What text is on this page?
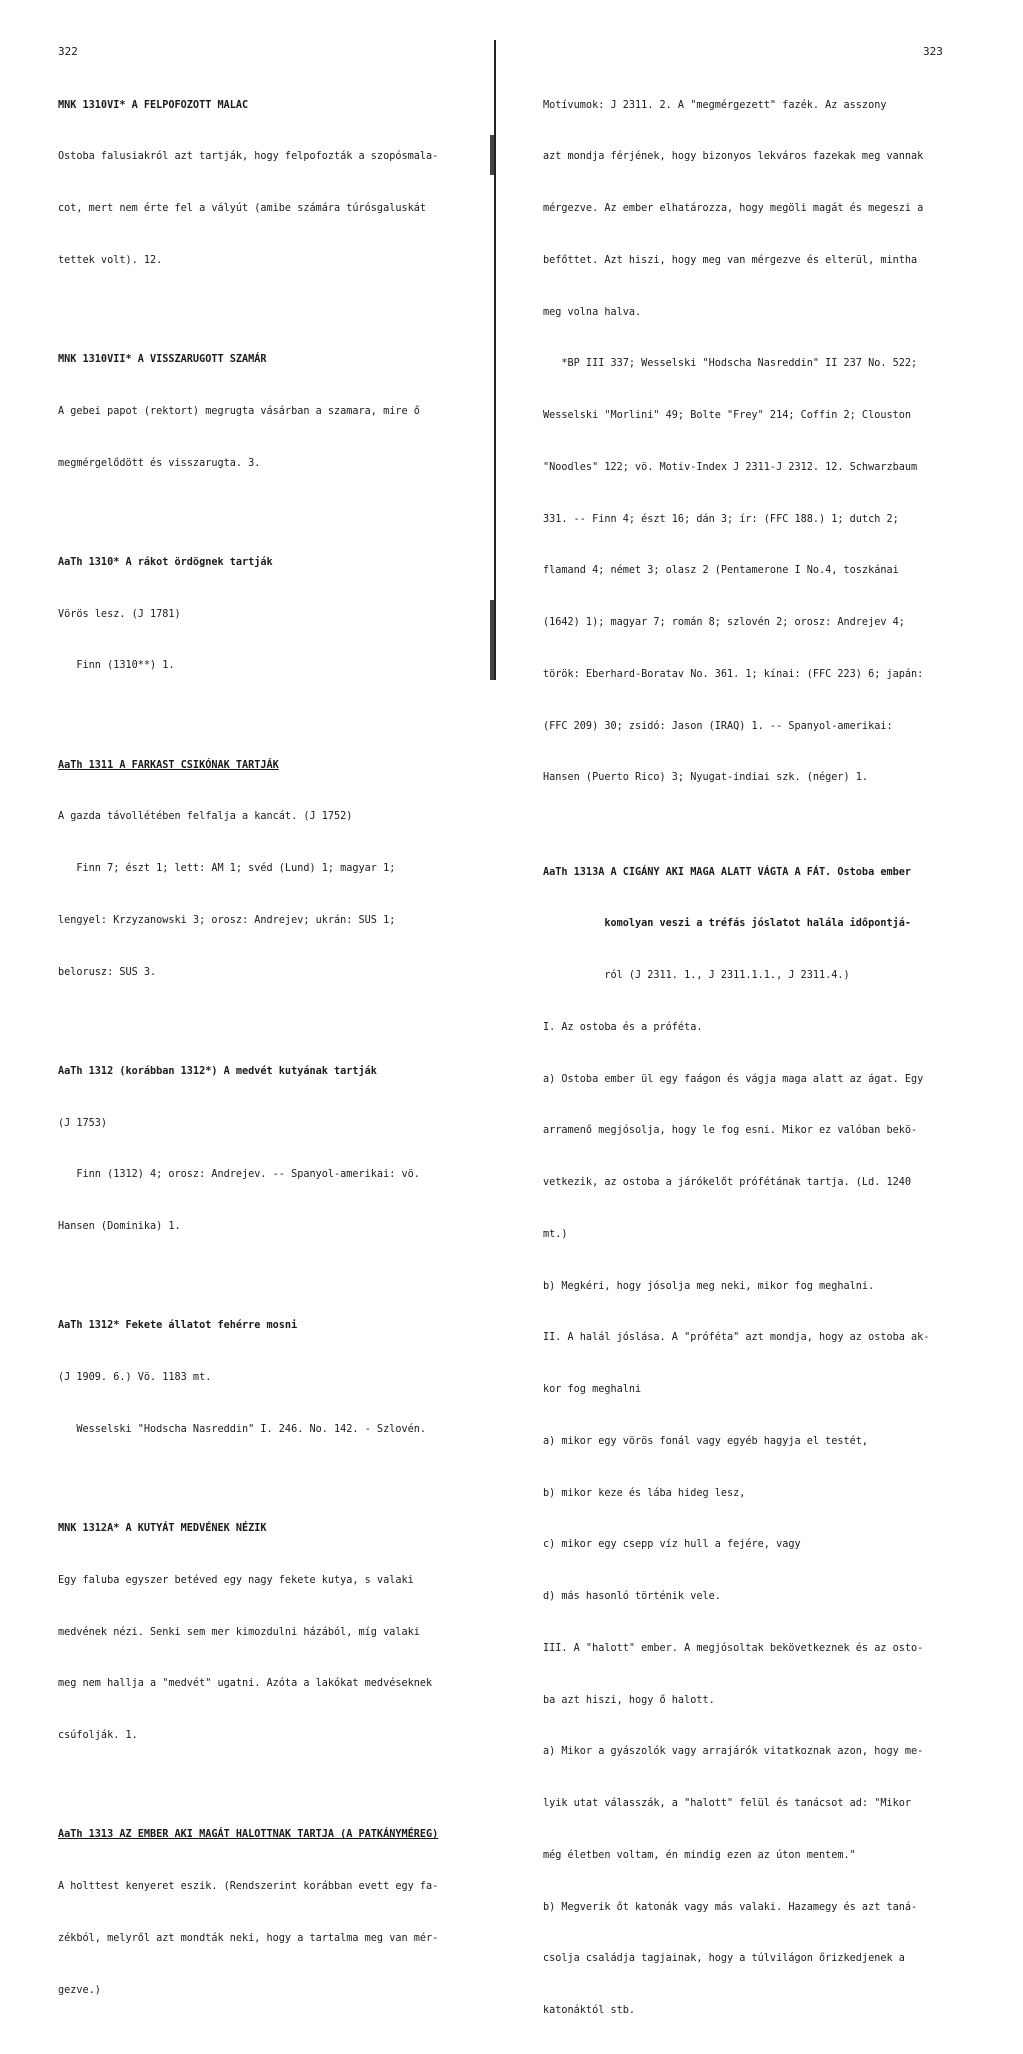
322

MNK 1310VI* A FELPOFOZOTT MALAC

Ostoba falusiakról azt tartják, hogy felpofozták a szopósmala-

cot, mert nem érte fel a vályút (amibe számára túrósgaluskát

tettek volt). 12.

MNK 1310VII* A VISSZARUGOTT SZAMÁR

A gebei papot (rektort) megrugta vásárban a szamara, mire ő

megmérgelődött és visszarugta. 3.

AaTh 1310* A rákot ördögnek tartják

Vörös lesz. (J 1781)

Finn (1310**) 1.

AaTh 1311 A FARKAST CSIKÓNAK TARTJÁK

A gazda távollétében felfalja a kancát. (J 1752)

Finn 7; észt 1; lett: AM 1; svéd (Lund) 1; magyar 1;

lengyel: Krzyzanowski 3; orosz: Andrejev; ukrán: SUS 1;

belorusz: SUS 3.

AaTh 1312 (korábban 1312*) A medvét kutyának tartják

(J 1753)

Finn (1312) 4; orosz: Andrejev. -- Spanyol-amerikai: vö.

Hansen (Dominika) 1.

AaTh 1312* Fekete állatot fehérre mosni

(J 1909. 6.) Vö. 1183 mt.

Wesselski "Hodscha Nasreddin" I. 246. No. 142. - Szlovén.

MNK 1312A* A KUTYÁT MEDVÉNEK NÉZIK

Egy faluba egyszer betéved egy nagy fekete kutya, s valaki

medvének nézi. Senki sem mer kimozdulni házából, míg valaki

meg nem hallja a "medvét" ugatni. Azóta a lakókat medvéseknek

csúfolják. 1.

AaTh 1313 AZ EMBER AKI MAGÁT HALOTTNAK TARTJA (A PATKÁNYMÉREG)

A holttest kenyeret eszik. (Rendszerint korábban evett egy fa-

zékból, melyről azt mondták neki, hogy a tartalma meg van mér-

gezve.)

323

Motívumok: J 2311. 2. A "megmérgezett" fazék. Az asszony

azt mondja férjének, hogy bizonyos lekváros fazekak meg vannak

mérgezve. Az ember elhatározza, hogy megöli magát és megeszi a

befőttet. Azt hiszi, hogy meg van mérgezve és elterül, mintha

meg volna halva.

*BP III 337; Wesselski "Hodscha Nasreddin" II 237 No. 522;

Wesselski "Morlini" 49; Bolte "Frey" 214; Coffin 2; Clouston

"Noodles" 122; vö. Motiv-Index J 2311-J 2312. 12. Schwarzbaum

331. -- Finn 4; észt 16; dán 3; ír: (FFC 188.) 1; dutch 2;

flamand 4; német 3; olasz 2 (Pentamerone I No.4, toszkánai

(1642) 1); magyar 7; román 8; szlovén 2; orosz: Andrejev 4;

török: Eberhard-Boratav No. 361. 1; kínai: (FFC 223) 6; japán:

(FFC 209) 30; zsidó: Jason (IRAQ) 1. -- Spanyol-amerikai:

Hansen (Puerto Rico) 3; Nyugat-indiai szk. (néger) 1.

AaTh 1313A A CIGÁNY AKI MAGA ALATT VÁGTA A FÁT. Ostoba ember

komolyan veszi a tréfás jóslatot halála időpontjá-

ról (J 2311. 1., J 2311.1.1., J 2311.4.)

I. Az ostoba és a próféta.

a) Ostoba ember ül egy faágon és vágja maga alatt az ágat. Egy

arramenő megjósolja, hogy le fog esni. Mikor ez valóban bekö-

vetkezik, az ostoba a járókelőt prófétának tartja. (Ld. 1240

mt.)

b) Megkéri, hogy jósolja meg neki, mikor fog meghalni.

II. A halál jóslása. A "próféta" azt mondja, hogy az ostoba ak-

kor fog meghalni

a) mikor egy vörös fonál vagy egyéb hagyja el testét,

b) mikor keze és lába hideg lesz,

c) mikor egy csepp víz hull a fejére, vagy

d) más hasonló történik vele.

III. A "halott" ember. A megjósoltak bekövetkeznek és az osto-

ba azt hiszi, hogy ő halott.

a) Mikor a gyászolók vagy arrajárók vitatkoznak azon, hogy me-

lyik utat válasszák, a "halott" felül és tanácsot ad: "Mikor

még életben voltam, én mindig ezen az úton mentem."

b) Megverik őt katonák vagy más valaki. Hazamegy és azt taná-

csolja családja tagjainak, hogy a túlvilágon őrizkedjenek a

katonáktól stb.
